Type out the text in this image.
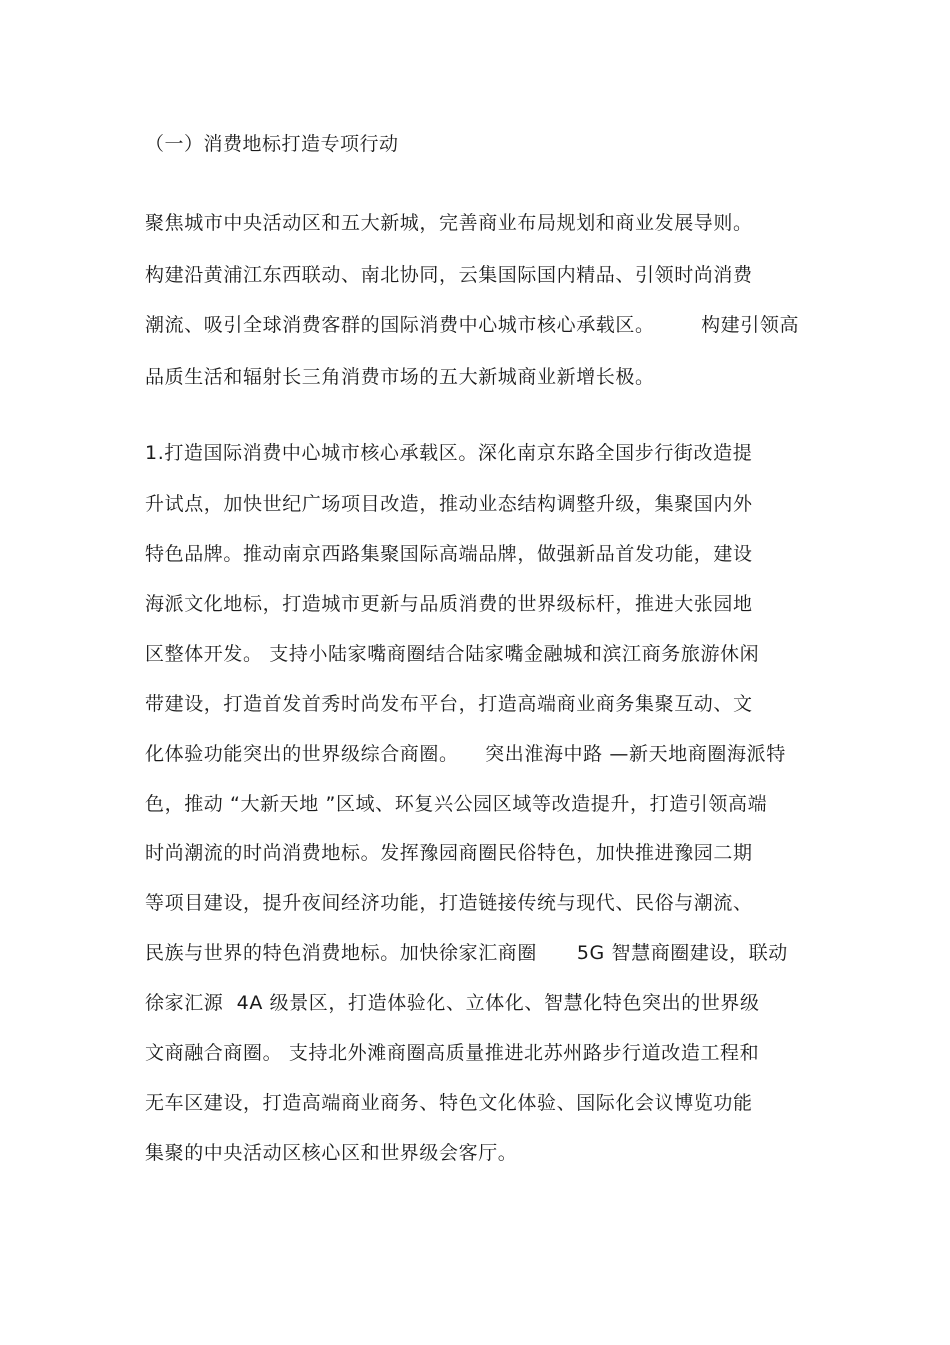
（一）消费地标打造专项行动
聚焦城市中央活动区和五大新城，完善商业布局规划和商业发展导则。
构建沿黄浦江东西联动、南北协同，云集国际国内精品、引领时尚消费
潮流、吸引全球消费客群的国际消费中心城市核心承载区。       构建引领高
品质生活和辐射长三角消费市场的五大新城商业新增长极。
1.打造国际消费中心城市核心承载区。深化南京东路全国步行街改造提
升试点，加快世纪广场项目改造，推动业态结构调整升级，集聚国内外
特色品牌。推动南京西路集聚国际高端品牌，做强新品首发功能，建设
海派文化地标，打造城市更新与品质消费的世界级标杆，推进大张园地
区整体开发。 支持小陆家嘴商圈结合陆家嘴金融城和滨江商务旅游休闲
带建设，打造首发首秀时尚发布平台，打造高端商业商务集聚互动、文
化体验功能突出的世界级综合商圈。    突出淮海中路 —新天地商圈海派特
色，推动 “大新天地 ”区域、环复兴公园区域等改造提升，打造引领高端
时尚潮流的时尚消费地标。发挥豫园商圈民俗特色，加快推进豫园二期
等项目建设，提升夜间经济功能，打造链接传统与现代、民俗与潮流、
民族与世界的特色消费地标。加快徐家汇商圈      5G 智慧商圈建设，联动
徐家汇源  4A 级景区，打造体验化、立体化、智慧化特色突出的世界级
文商融合商圈。 支持北外滩商圈高质量推进北苏州路步行道改造工程和
无车区建设，打造高端商业商务、特色文化体验、国际化会议博览功能
集聚的中央活动区核心区和世界级会客厅。
